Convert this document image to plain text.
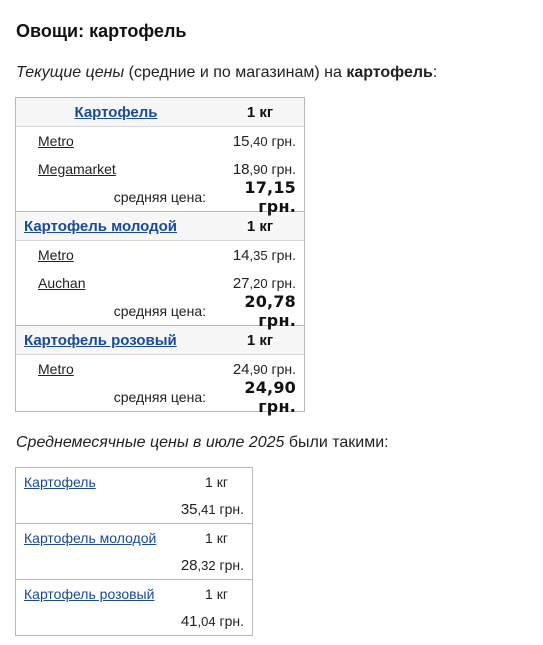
Овощи: картофель

Текущие цены (средние и по магазинам) на картофель:

Картофель	1 кг
Metro	15,40 грн.
Megamarket	18,90 грн.
средняя цена:	17,15 грн.
Картофель молодой	1 кг
Metro	14,35 грн.
Auchan	27,20 грн.
средняя цена:	20,78 грн.
Картофель розовый	1 кг
Metro	24,90 грн.
средняя цена:	24,90 грн.

Среднемесячные цены в июле 2025 были такими:

Картофель	1 кг
35,41 грн.
Картофель молодой	1 кг
28,32 грн.
Картофель розовый	1 кг
41,04 грн.
